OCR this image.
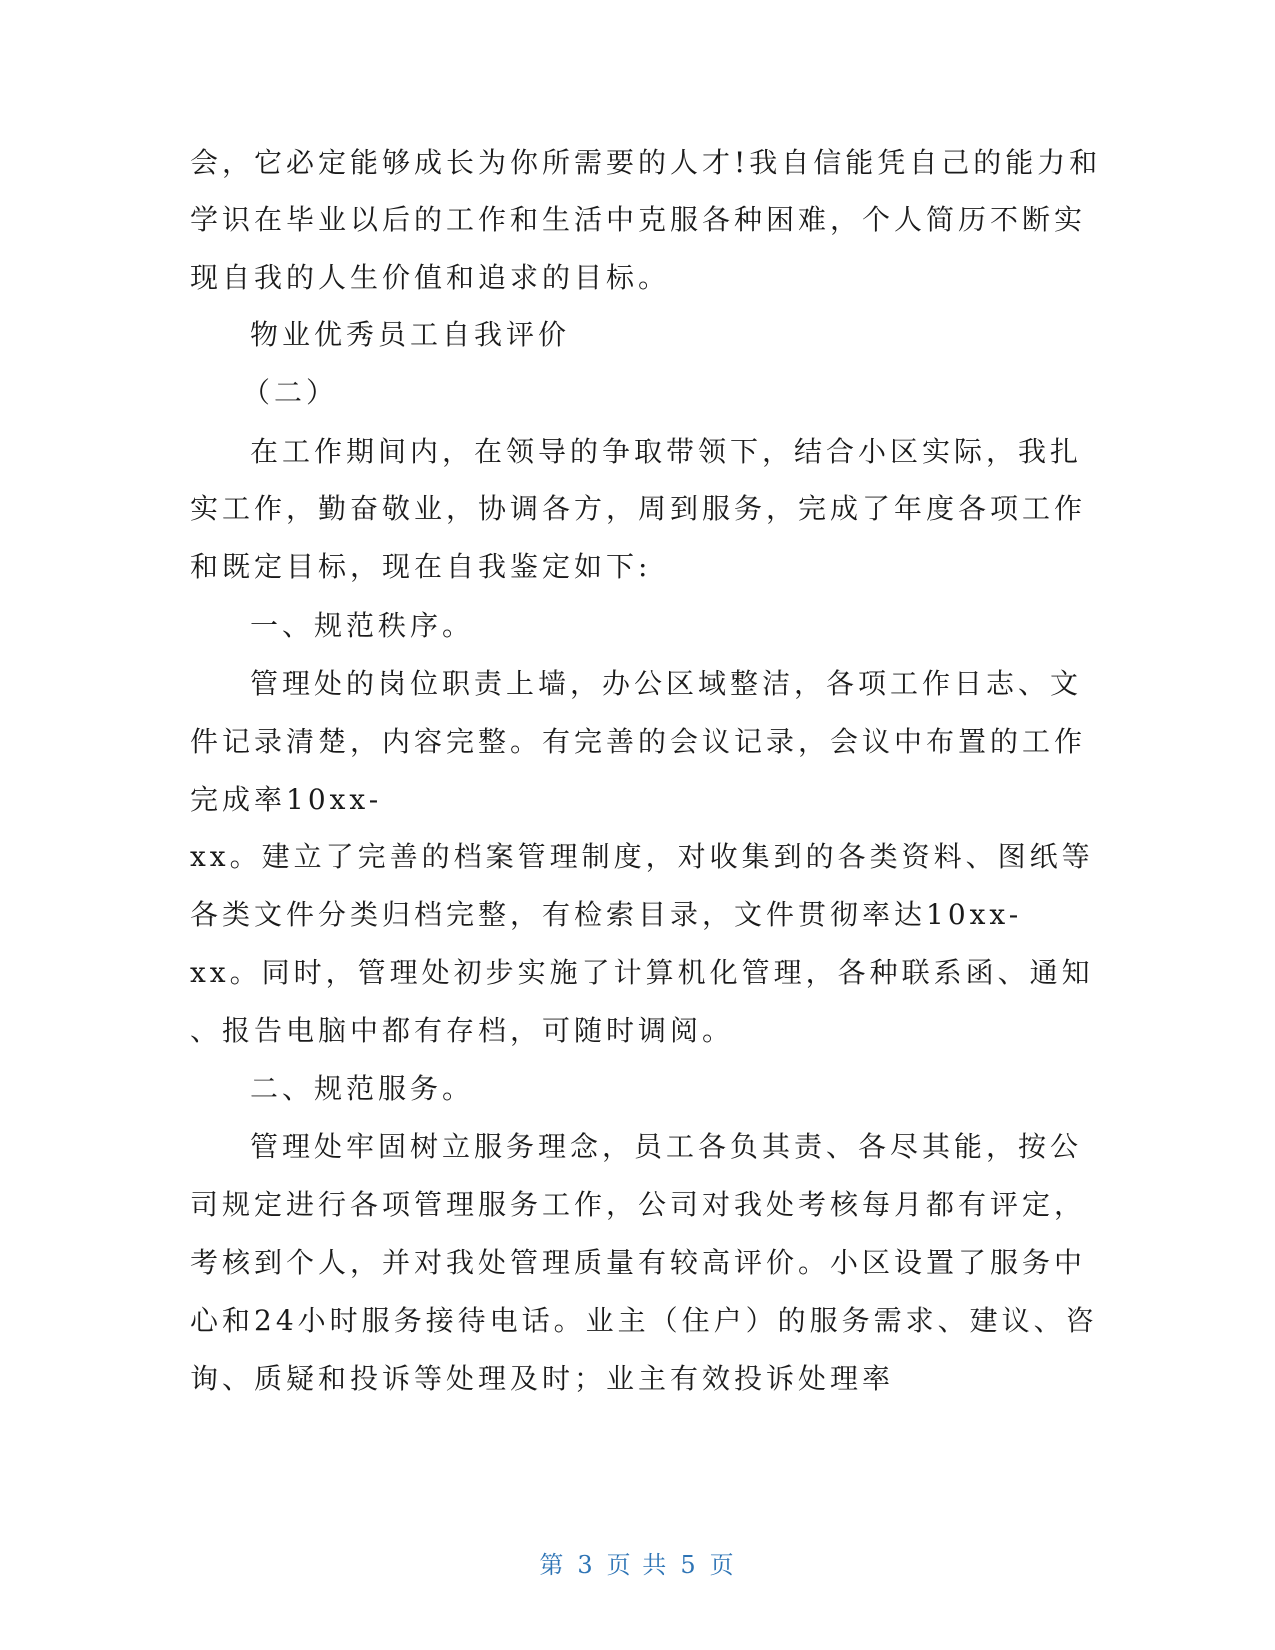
会，它必定能够成长为你所需要的人才!我自信能凭自己的能力和
学识在毕业以后的工作和生活中克服各种困难，个人简历不断实
现自我的人生价值和追求的目标。
物业优秀员工自我评价
（二）
在工作期间内，在领导的争取带领下，结合小区实际，我扎
实工作，勤奋敬业，协调各方，周到服务，完成了年度各项工作
和既定目标，现在自我鉴定如下:
一、规范秩序。
管理处的岗位职责上墙，办公区域整洁，各项工作日志、文
件记录清楚，内容完整。有完善的会议记录，会议中布置的工作
完成率10xx-
xx。建立了完善的档案管理制度，对收集到的各类资料、图纸等
各类文件分类归档完整，有检索目录，文件贯彻率达10xx-
xx。同时，管理处初步实施了计算机化管理，各种联系函、通知
、报告电脑中都有存档，可随时调阅。
二、规范服务。
管理处牢固树立服务理念，员工各负其责、各尽其能，按公
司规定进行各项管理服务工作，公司对我处考核每月都有评定，
考核到个人，并对我处管理质量有较高评价。小区设置了服务中
心和24小时服务接待电话。业主（住户）的服务需求、建议、咨
询、质疑和投诉等处理及时；业主有效投诉处理率
第 3 页 共 5 页
